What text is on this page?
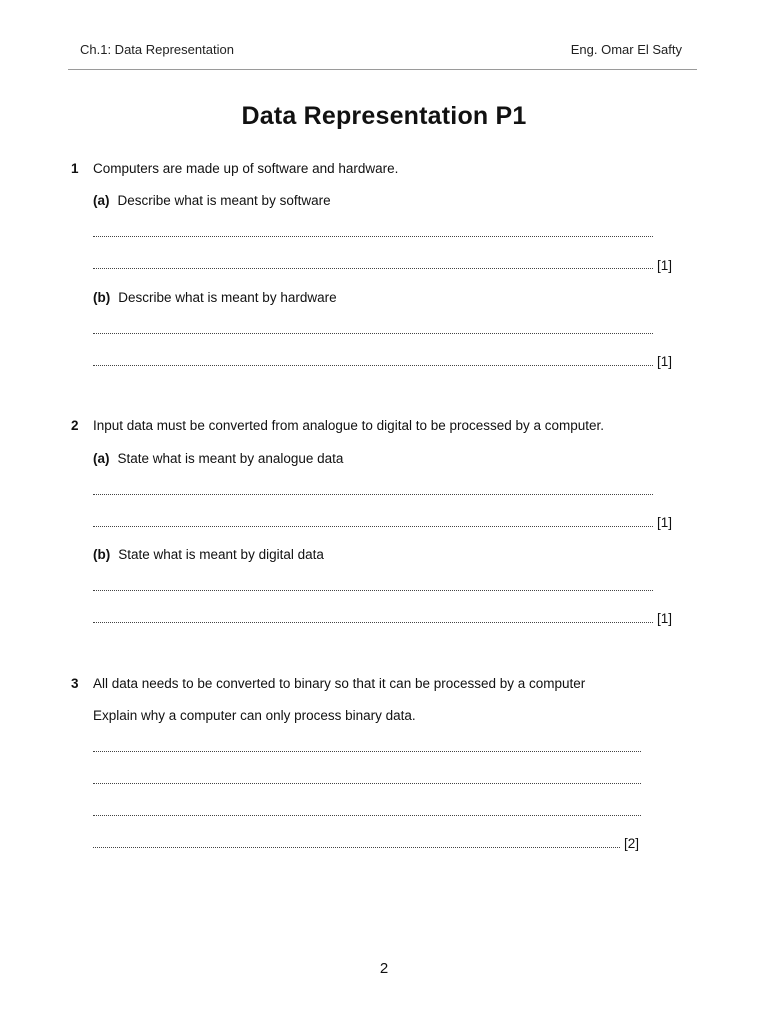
Ch.1: Data Representation	Eng. Omar El Safty
Data Representation P1
1 Computers are made up of software and hardware.
(a) Describe what is meant by software
[1]
(b) Describe what is meant by hardware
[1]
2 Input data must be converted from analogue to digital to be processed by a computer.
(a) State what is meant by analogue data
[1]
(b) State what is meant by digital data
[1]
3 All data needs to be converted to binary so that it can be processed by a computer
Explain why a computer can only process binary data.
[2]
2
